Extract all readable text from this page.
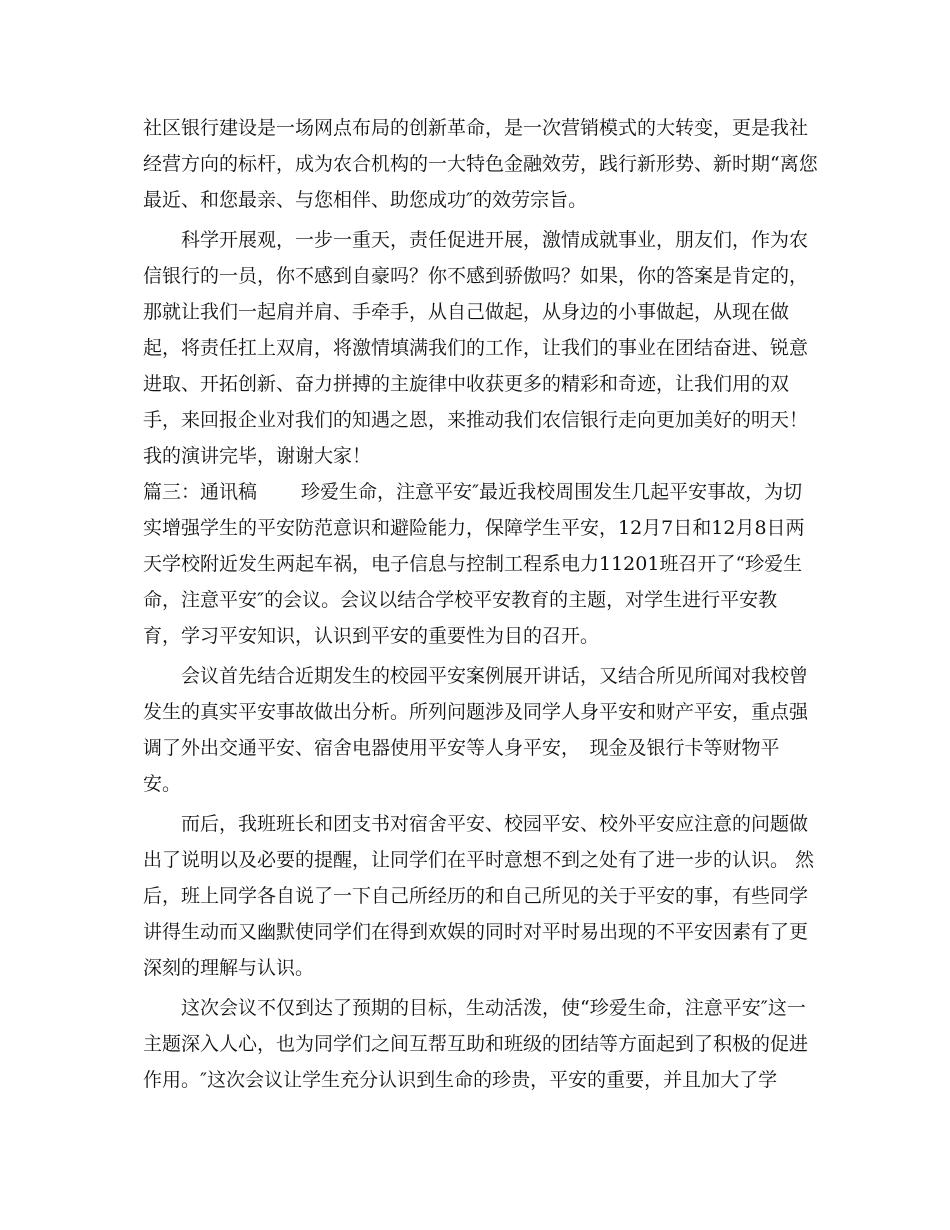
社区银行建设是一场网点布局的创新革命，是一次营销模式的大转变，更是我社
经营方向的标杆，成为农合机构的一大特色金融效劳，践行新形势、新时期“离您
最近、和您最亲、与您相伴、助您成功″的效劳宗旨。
　　科学开展观，一步一重天，责任促进开展，激情成就事业，朋友们，作为农
信银行的一员，你不感到自豪吗？你不感到骄傲吗？如果，你的答案是肯定的，
那就让我们一起肩并肩、手牵手，从自己做起，从身边的小事做起，从现在做
起，将责任扛上双肩，将激情填满我们的工作，让我们的事业在团结奋进、锐意
进取、开拓创新、奋力拼搏的主旋律中收获更多的精彩和奇迹，让我们用的双
手，来回报企业对我们的知遇之恩，来推动我们农信银行走向更加美好的明天！
我的演讲完毕，谢谢大家！
篇三：通讯稿　　 珍爱生命，注意平安″最近我校周围发生几起平安事故，为切
实增强学生的平安防范意识和避险能力，保障学生平安，12月7日和12月8日两
天学校附近发生两起车祸，电子信息与控制工程系电力11201班召开了“珍爱生
命，注意平安″的会议。会议以结合学校平安教育的主题，对学生进行平安教
育，学习平安知识，认识到平安的重要性为目的召开。
　　会议首先结合近期发生的校园平安案例展开讲话，又结合所见所闻对我校曾
发生的真实平安事故做出分析。所列问题涉及同学人身平安和财产平安，重点强
调了外出交通平安、宿舍电器使用平安等人身平安，　现金及银行卡等财物平
安。
　　而后，我班班长和团支书对宿舍平安、校园平安、校外平安应注意的问题做
出了说明以及必要的提醒，让同学们在平时意想不到之处有了进一步的认识。 然
后，班上同学各自说了一下自己所经历的和自己所见的关于平安的事，有些同学
讲得生动而又幽默使同学们在得到欢娱的同时对平时易出现的不平安因素有了更
深刻的理解与认识。
　　这次会议不仅到达了预期的目标，生动活泼，使“珍爱生命，注意平安″这一
主题深入人心，也为同学们之间互帮互助和班级的团结等方面起到了积极的促进
作用。″这次会议让学生充分认识到生命的珍贵，平安的重要，并且加大了学
